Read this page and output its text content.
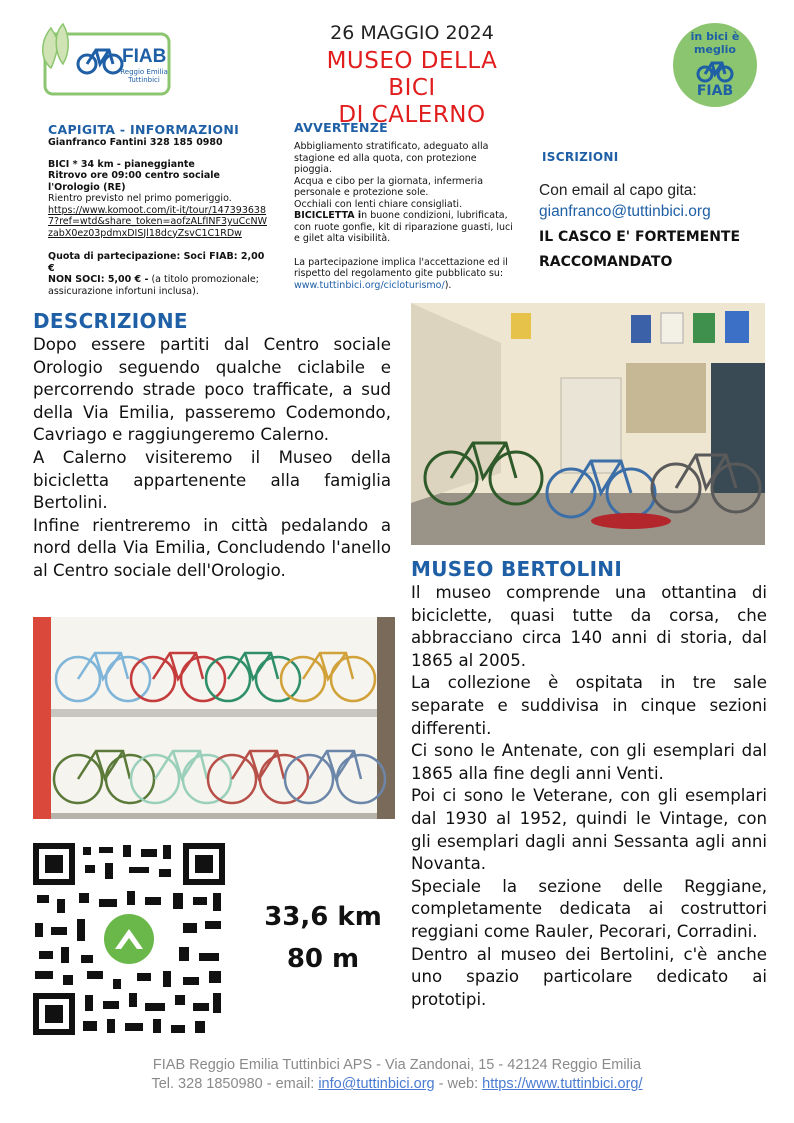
FIAB
Reggio Emilia
Tuttinbici
26 MAGGIO 2024
MUSEO DELLA BICI
DI CALERNO
in bici è meglio
FIAB
CAPIGITA - INFORMAZIONI
Gianfranco Fantini 328 185 0980
BICI * 34 km - pianeggiante
Ritrovo ore 09:00 centro sociale l'Orologio (RE)
Rientro previsto nel primo pomeriggio.
https://www.komoot.com/it-it/tour/1473936387?ref=wtd&share_token=aofzALfINF3yuCcNWzabX0ez03pdmxDISJl18dcyZsvC1C1RDw
Quota di partecipazione: Soci FIAB: 2,00 €
NON SOCI: 5,00 € - (a titolo promozionale; assicurazione infortuni inclusa).
AVVERTENZE
Abbigliamento stratificato, adeguato alla stagione ed alla quota, con protezione pioggia.
Acqua e cibo per la giornata, infermeria personale e protezione sole.
Occhiali con lenti chiare consigliati.
BICICLETTA in buone condizioni, lubrificata, con ruote gonfie, kit di riparazione guasti, luci e gilet alta visibilità.
La partecipazione implica l'accettazione ed il rispetto del regolamento gite pubblicato su:
www.tuttinbici.org/cicloturismo/).
ISCRIZIONI
Con email al capo gita:
gianfranco@tuttinbici.org
IL CASCO E' FORTEMENTE RACCOMANDATO
DESCRIZIONE

Dopo essere partiti dal Centro sociale Orologio seguendo qualche ciclabile e percorrendo strade poco trafficate, a sud della Via Emilia, passeremo Codemondo, Cavriago e raggiungeremo Calerno.

A Calerno visiteremo il Museo della bicicletta appartenente alla famiglia Bertolini.

Infine rientreremo in città pedalando a nord della Via Emilia, Concludendo l'anello al Centro sociale dell'Orologio.	MUSEO BERTOLINI

Il museo comprende una ottantina di biciclette, quasi tutte da corsa, che abbracciano circa 140 anni di storia, dal 1865 al 2005.

La collezione è ospitata in tre sale separate e suddivisa in cinque sezioni differenti.

Ci sono le Antenate, con gli esemplari dal 1865 alla fine degli anni Venti.

Poi ci sono le Veterane, con gli esemplari dal 1930 al 1952, quindi le Vintage, con gli esemplari dagli anni Sessanta agli anni Novanta.

Speciale la sezione delle Reggiane, completamente dedicata ai costruttori reggiani come Rauler, Pecorari, Corradini.

Dentro al museo dei Bertolini, c'è anche uno spazio particolare dedicato ai prototipi.

33,6 km
80 m
FIAB Reggio Emilia Tuttinbici APS - Via Zandonai, 15 - 42124 Reggio Emilia
Tel. 328 1850980 - email: info@tuttinbici.org - web: https://www.tuttinbici.org/
